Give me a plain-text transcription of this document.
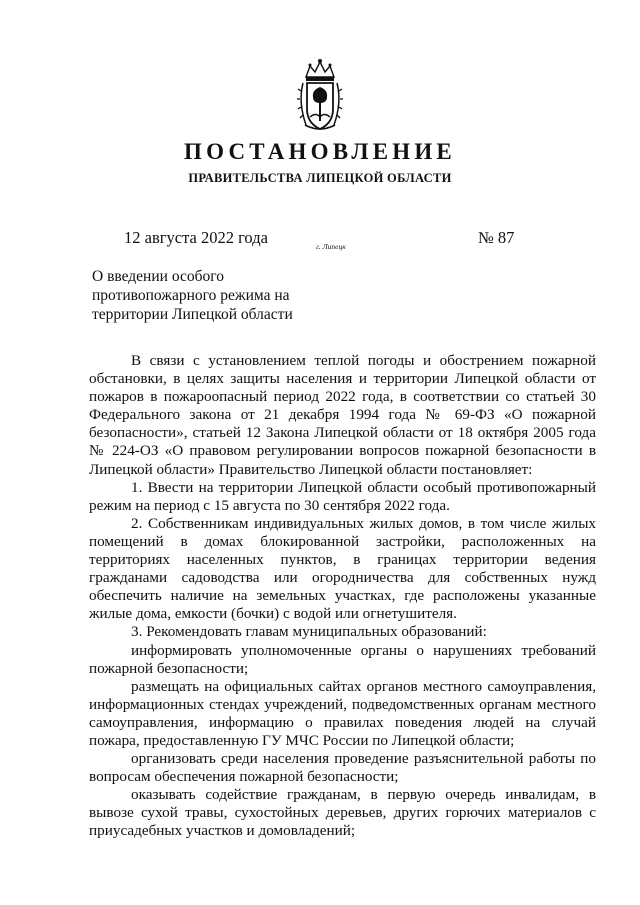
ПОСТАНОВЛЕНИЕ
ПРАВИТЕЛЬСТВА ЛИПЕЦКОЙ ОБЛАСТИ
12 августа 2022 года	г. Липецк	№ 87
О введении особого
противопожарного режима на
территории Липецкой области

В связи с установлением теплой погоды и обострением пожарной обстановки, в целях защиты населения и территории Липецкой области от пожаров в пожароопасный период 2022 года, в соответствии со статьей 30 Федерального закона от 21 декабря 1994 года № 69-ФЗ «О пожарной безопасности», статьей 12 Закона Липецкой области от 18 октября 2005 года № 224-ОЗ «О правовом регулировании вопросов пожарной безопасности в Липецкой области» Правительство Липецкой области постановляет:

1. Ввести на территории Липецкой области особый противопожарный режим на период с 15 августа по 30 сентября 2022 года.

2. Собственникам индивидуальных жилых домов, в том числе жилых помещений в домах блокированной застройки, расположенных на территориях населенных пунктов, в границах территории ведения гражданами садоводства или огородничества для собственных нужд обеспечить наличие на земельных участках, где расположены указанные жилые дома, емкости (бочки) с водой или огнетушителя.

3. Рекомендовать главам муниципальных образований:

информировать уполномоченные органы о нарушениях требований пожарной безопасности;

размещать на официальных сайтах органов местного самоуправления, информационных стендах учреждений, подведомственных органам местного самоуправления, информацию о правилах поведения людей на случай пожара, предоставленную ГУ МЧС России по Липецкой области;

организовать среди населения проведение разъяснительной работы по вопросам обеспечения пожарной безопасности;

оказывать содействие гражданам, в первую очередь инвалидам, в вывозе сухой травы, сухостойных деревьев, других горючих материалов с приусадебных участков и домовладений;
